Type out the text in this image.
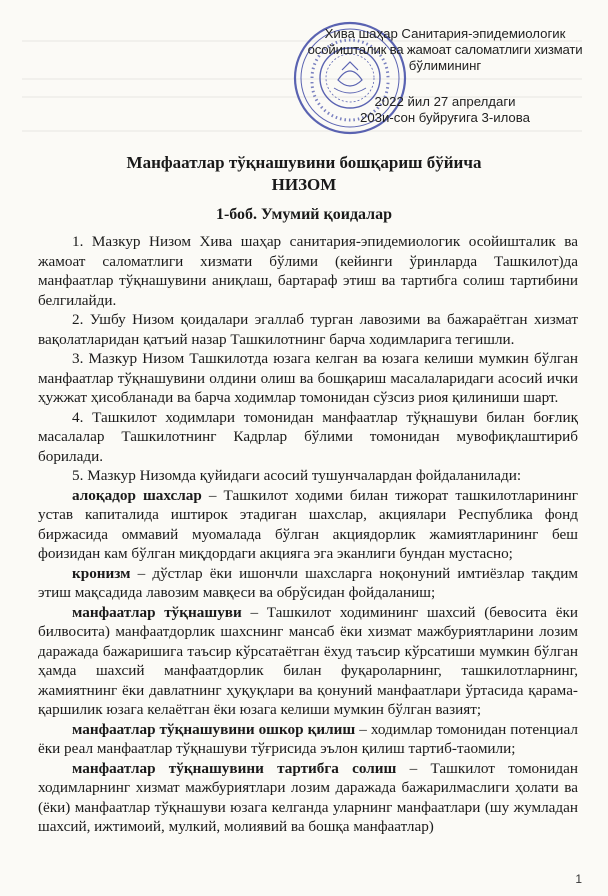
Хива шаҳар Санитария-эпидемиологик
осойишталик ва жамоат саломатлиги хизмати
бўлимининг
2022 йил 27 апрелдаги
203и-сон буйруғига 3-илова
Манфаатлар тўқнашувини бошқариш бўйича
НИЗОМ
1-боб. Умумий қоидалар

1. Мазкур Низом Хива шаҳар санитария-эпидемиологик осойишталик ва жамоат саломатлиги хизмати бўлими (кейинги ўринларда Ташкилот)да манфаатлар тўқнашувини аниқлаш, бартараф этиш ва тартибга солиш тартибини белгилайди.

2. Ушбу Низом қоидалари эгаллаб турган лавозими ва бажараётган хизмат вақолатларидан қатъий назар Ташкилотнинг барча ходимларига тегишли.

3. Мазкур Низом Ташкилотда юзага келган ва юзага келиши мумкин бўлган манфаатлар тўқнашувини олдини олиш ва бошқариш масалаларидаги асосий ички ҳужжат ҳисобланади ва барча ходимлар томонидан сўзсиз риоя қилиниши шарт.

4. Ташкилот ходимлари томонидан манфаатлар тўқнашуви билан боғлиқ масалалар Ташкилотнинг Кадрлар бўлими томонидан мувофиқлаштириб борилади.

5. Мазкур Низомда қуйидаги асосий тушунчалардан фойдаланилади:

алоқадор шахслар – Ташкилот ходими билан тижорат ташкилотларининг устав капиталида иштирок этадиган шахслар, акциялари Республика фонд биржасида оммавий муомалада бўлган акциядорлик жамиятларининг беш фоизидан кам бўлган миқдордаги акцияга эга эканлиги бундан мустасно;

кронизм – дўстлар ёки ишончли шахсларга ноқонуний имтиёзлар тақдим этиш мақсадида лавозим мавқеси ва обрўсидан фойдаланиш;

манфаатлар тўқнашуви – Ташкилот ходимининг шахсий (бевосита ёки билвосита) манфаатдорлик шахснинг мансаб ёки хизмат мажбуриятларини лозим даражада бажаришига таъсир кўрсатаётган ёхуд таъсир кўрсатиши мумкин бўлган ҳамда шахсий манфаатдорлик билан фуқароларнинг, ташкилотларнинг, жамиятнинг ёки давлатнинг ҳуқуқлари ва қонуний манфаатлари ўртасида қарама-қаршилик юзага келаётган ёки юзага келиши мумкин бўлган вазият;

манфаатлар тўқнашувини ошкор қилиш – ходимлар томонидан потенциал ёки реал манфаатлар тўқнашуви тўғрисида эълон қилиш тартиб-таомили;

манфаатлар тўқнашувини тартибга солиш – Ташкилот томонидан ходимларнинг хизмат мажбуриятлари лозим даражада бажарилмаслиги ҳолати ва (ёки) манфаатлар тўқнашуви юзага келганда уларнинг манфаатлари (шу жумладан шахсий, ижтимоий, мулкий, молиявий ва бошқа манфаатлар)

1
